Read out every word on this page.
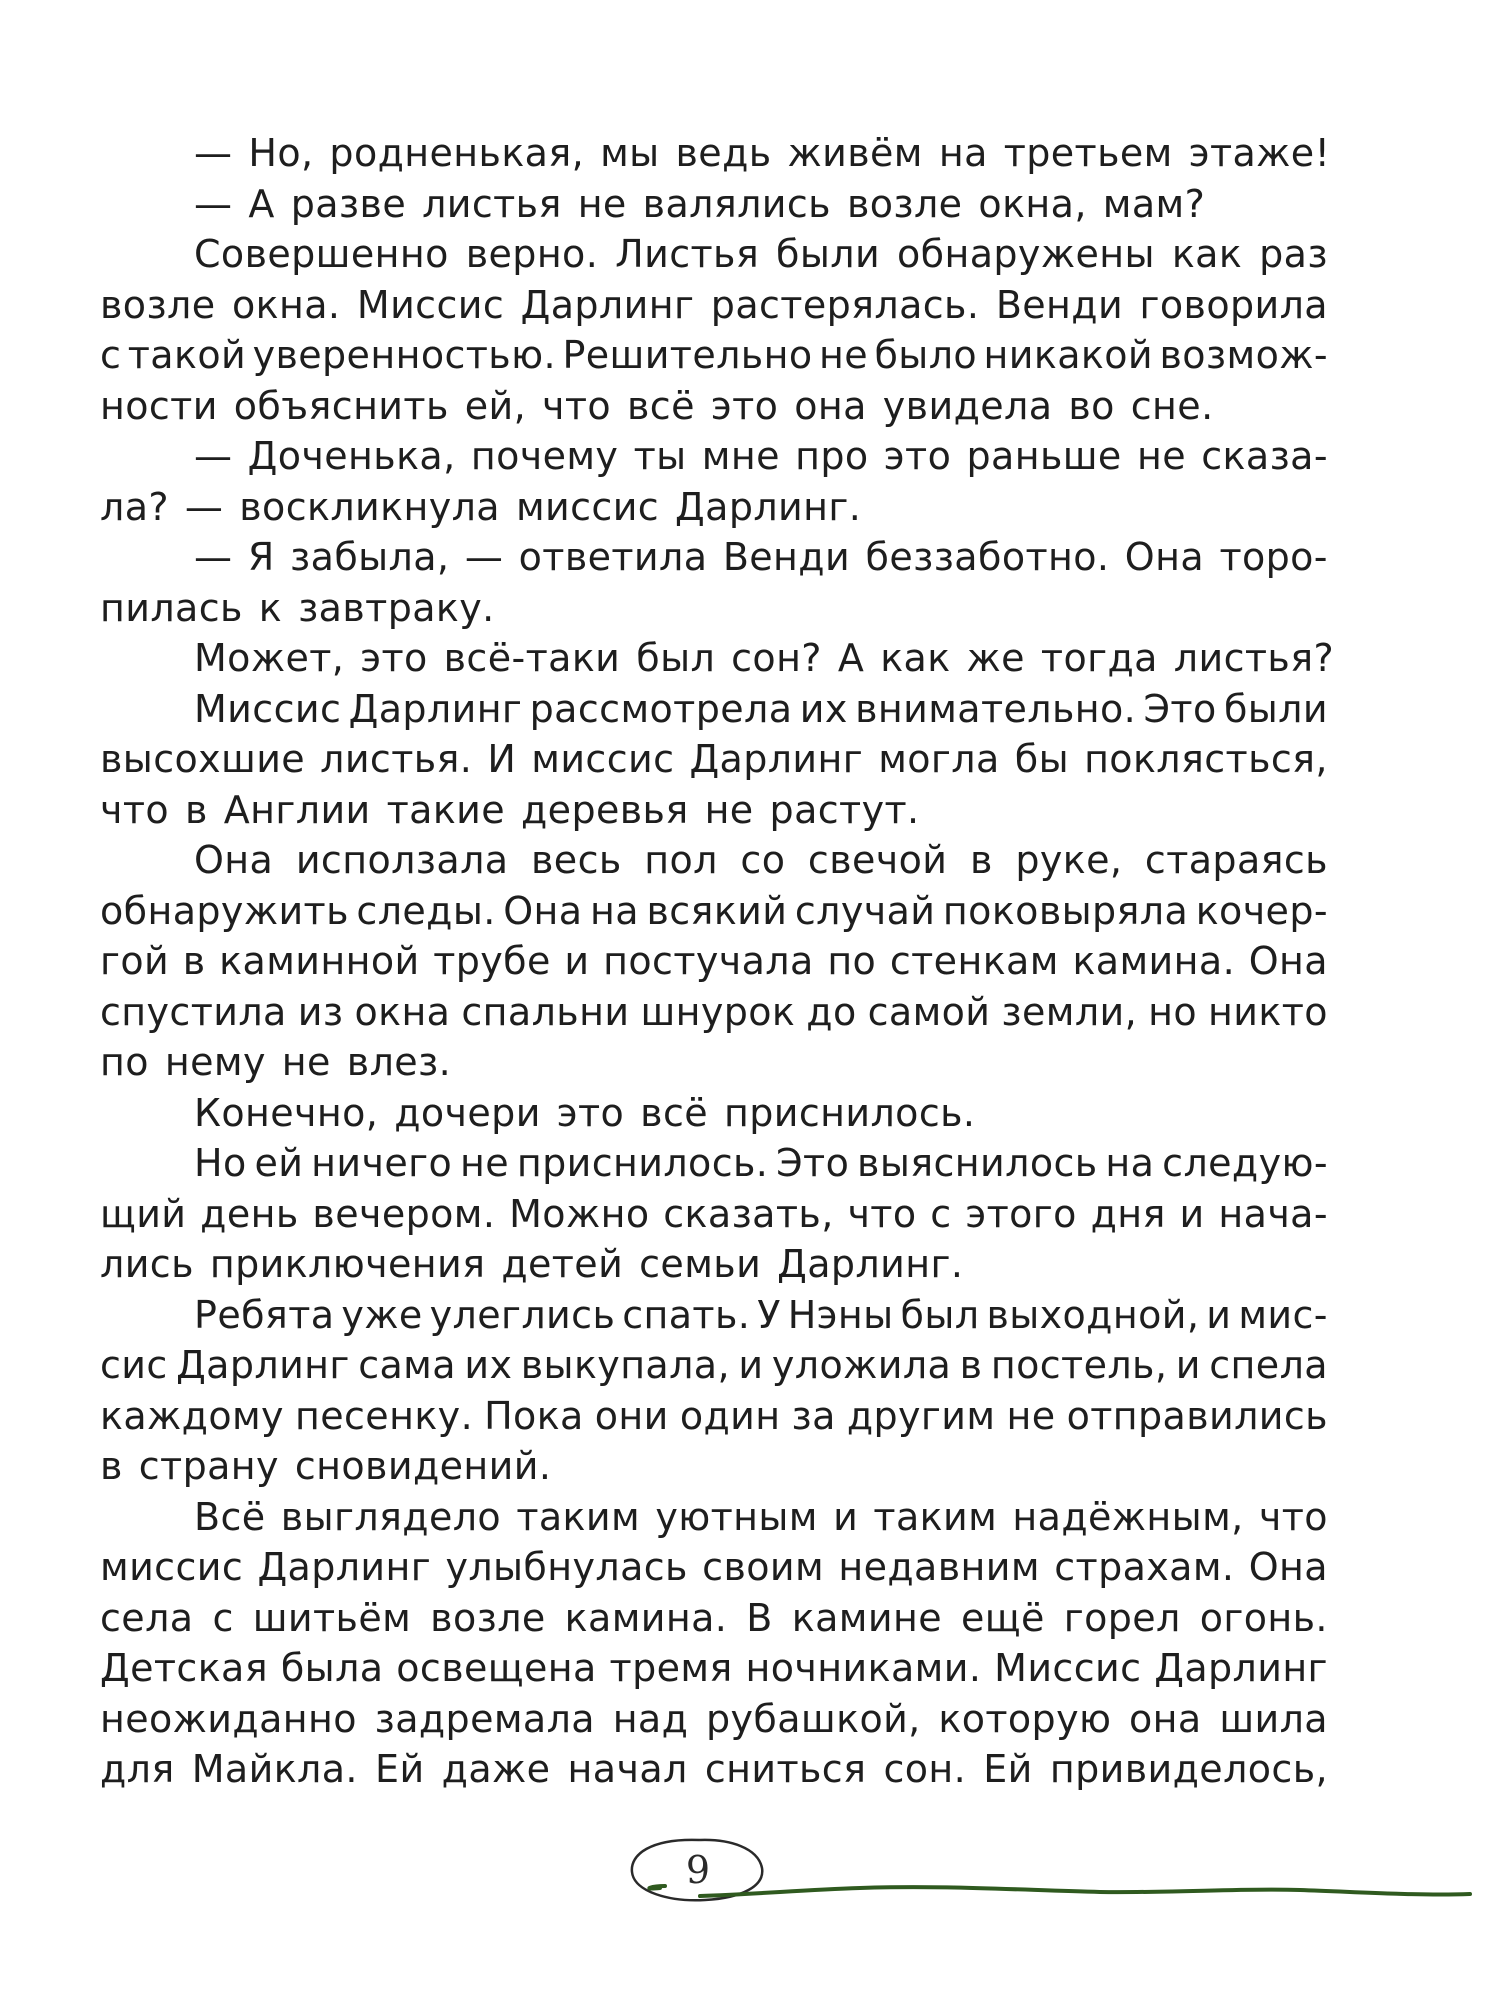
— Но, родненькая, мы ведь живём на третьем этаже!
— А разве листья не валялись возле окна, мам?
Совершенно верно. Листья были обнаружены как раз
возле окна. Миссис Дарлинг растерялась. Венди говорила
с такой уверенностью. Решительно не было никакой возмож-
ности объяснить ей, что всё это она увидела во сне.
— Доченька, почему ты мне про это раньше не сказа-
ла? — воскликнула миссис Дарлинг.
— Я забыла, — ответила Венди беззаботно. Она торо-
пилась к завтраку.
Может, это всё-таки был сон? А как же тогда листья?
Миссис Дарлинг рассмотрела их внимательно. Это были
высохшие листья. И миссис Дарлинг могла бы поклясться,
что в Англии такие деревья не растут.
Она исползала весь пол со свечой в руке, стараясь
обнаружить следы. Она на всякий случай поковыряла кочер-
гой в каминной трубе и постучала по стенкам камина. Она
спустила из окна спальни шнурок до самой земли, но никто
по нему не влез.
Конечно, дочери это всё приснилось.
Но ей ничего не приснилось. Это выяснилось на следую-
щий день вечером. Можно сказать, что с этого дня и нача-
лись приключения детей семьи Дарлинг.
Ребята уже улеглись спать. У Нэны был выходной, и мис-
сис Дарлинг сама их выкупала, и уложила в постель, и спела
каждому песенку. Пока они один за другим не отправились
в страну сновидений.
Всё выглядело таким уютным и таким надёжным, что
миссис Дарлинг улыбнулась своим недавним страхам. Она
села с шитьём возле камина. В камине ещё горел огонь.
Детская была освещена тремя ночниками. Миссис Дарлинг
неожиданно задремала над рубашкой, которую она шила
для Майкла. Ей даже начал сниться сон. Ей привиделось,
9
